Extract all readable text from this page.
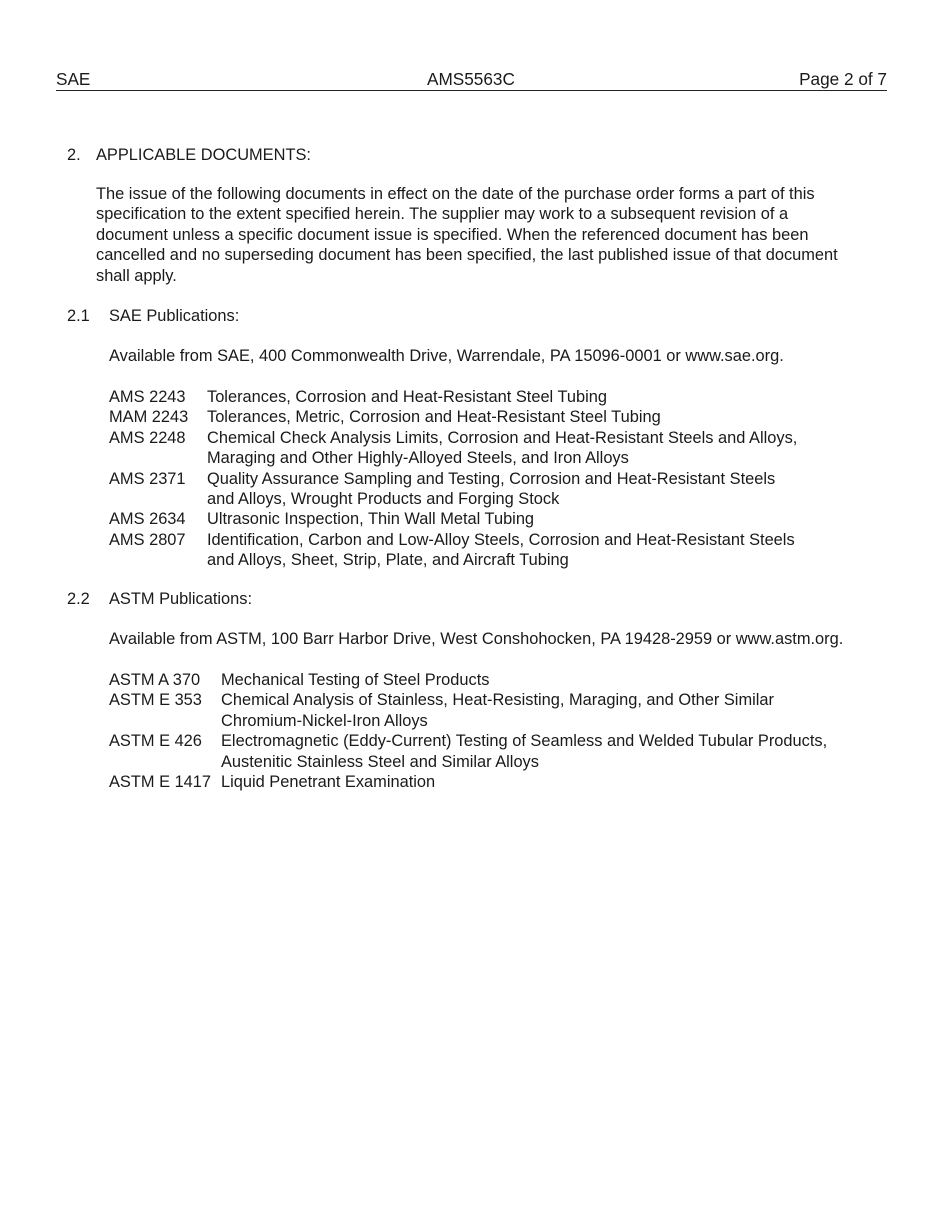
SAE	AMS5563C	Page 2 of 7
2. APPLICABLE DOCUMENTS:
The issue of the following documents in effect on the date of the purchase order forms a part of this
specification to the extent specified herein. The supplier may work to a subsequent revision of a
document unless a specific document issue is specified. When the referenced document has been
cancelled and no superseding document has been specified, the last published issue of that document
shall apply.
2.1 SAE Publications:
Available from SAE, 400 Commonwealth Drive, Warrendale, PA 15096-0001 or www.sae.org.
AMS 2243 Tolerances, Corrosion and Heat-Resistant Steel Tubing
MAM 2243 Tolerances, Metric, Corrosion and Heat-Resistant Steel Tubing
AMS 2248 Chemical Check Analysis Limits, Corrosion and Heat-Resistant Steels and Alloys,
Maraging and Other Highly-Alloyed Steels, and Iron Alloys
AMS 2371 Quality Assurance Sampling and Testing, Corrosion and Heat-Resistant Steels
and Alloys, Wrought Products and Forging Stock
AMS 2634 Ultrasonic Inspection, Thin Wall Metal Tubing
AMS 2807 Identification, Carbon and Low-Alloy Steels, Corrosion and Heat-Resistant Steels
and Alloys, Sheet, Strip, Plate, and Aircraft Tubing
2.2 ASTM Publications:
Available from ASTM, 100 Barr Harbor Drive, West Conshohocken, PA 19428-2959 or www.astm.org.
ASTM A 370 Mechanical Testing of Steel Products
ASTM E 353 Chemical Analysis of Stainless, Heat-Resisting, Maraging, and Other Similar
Chromium-Nickel-Iron Alloys
ASTM E 426 Electromagnetic (Eddy-Current) Testing of Seamless and Welded Tubular Products,
Austenitic Stainless Steel and Similar Alloys
ASTM E 1417 Liquid Penetrant Examination
